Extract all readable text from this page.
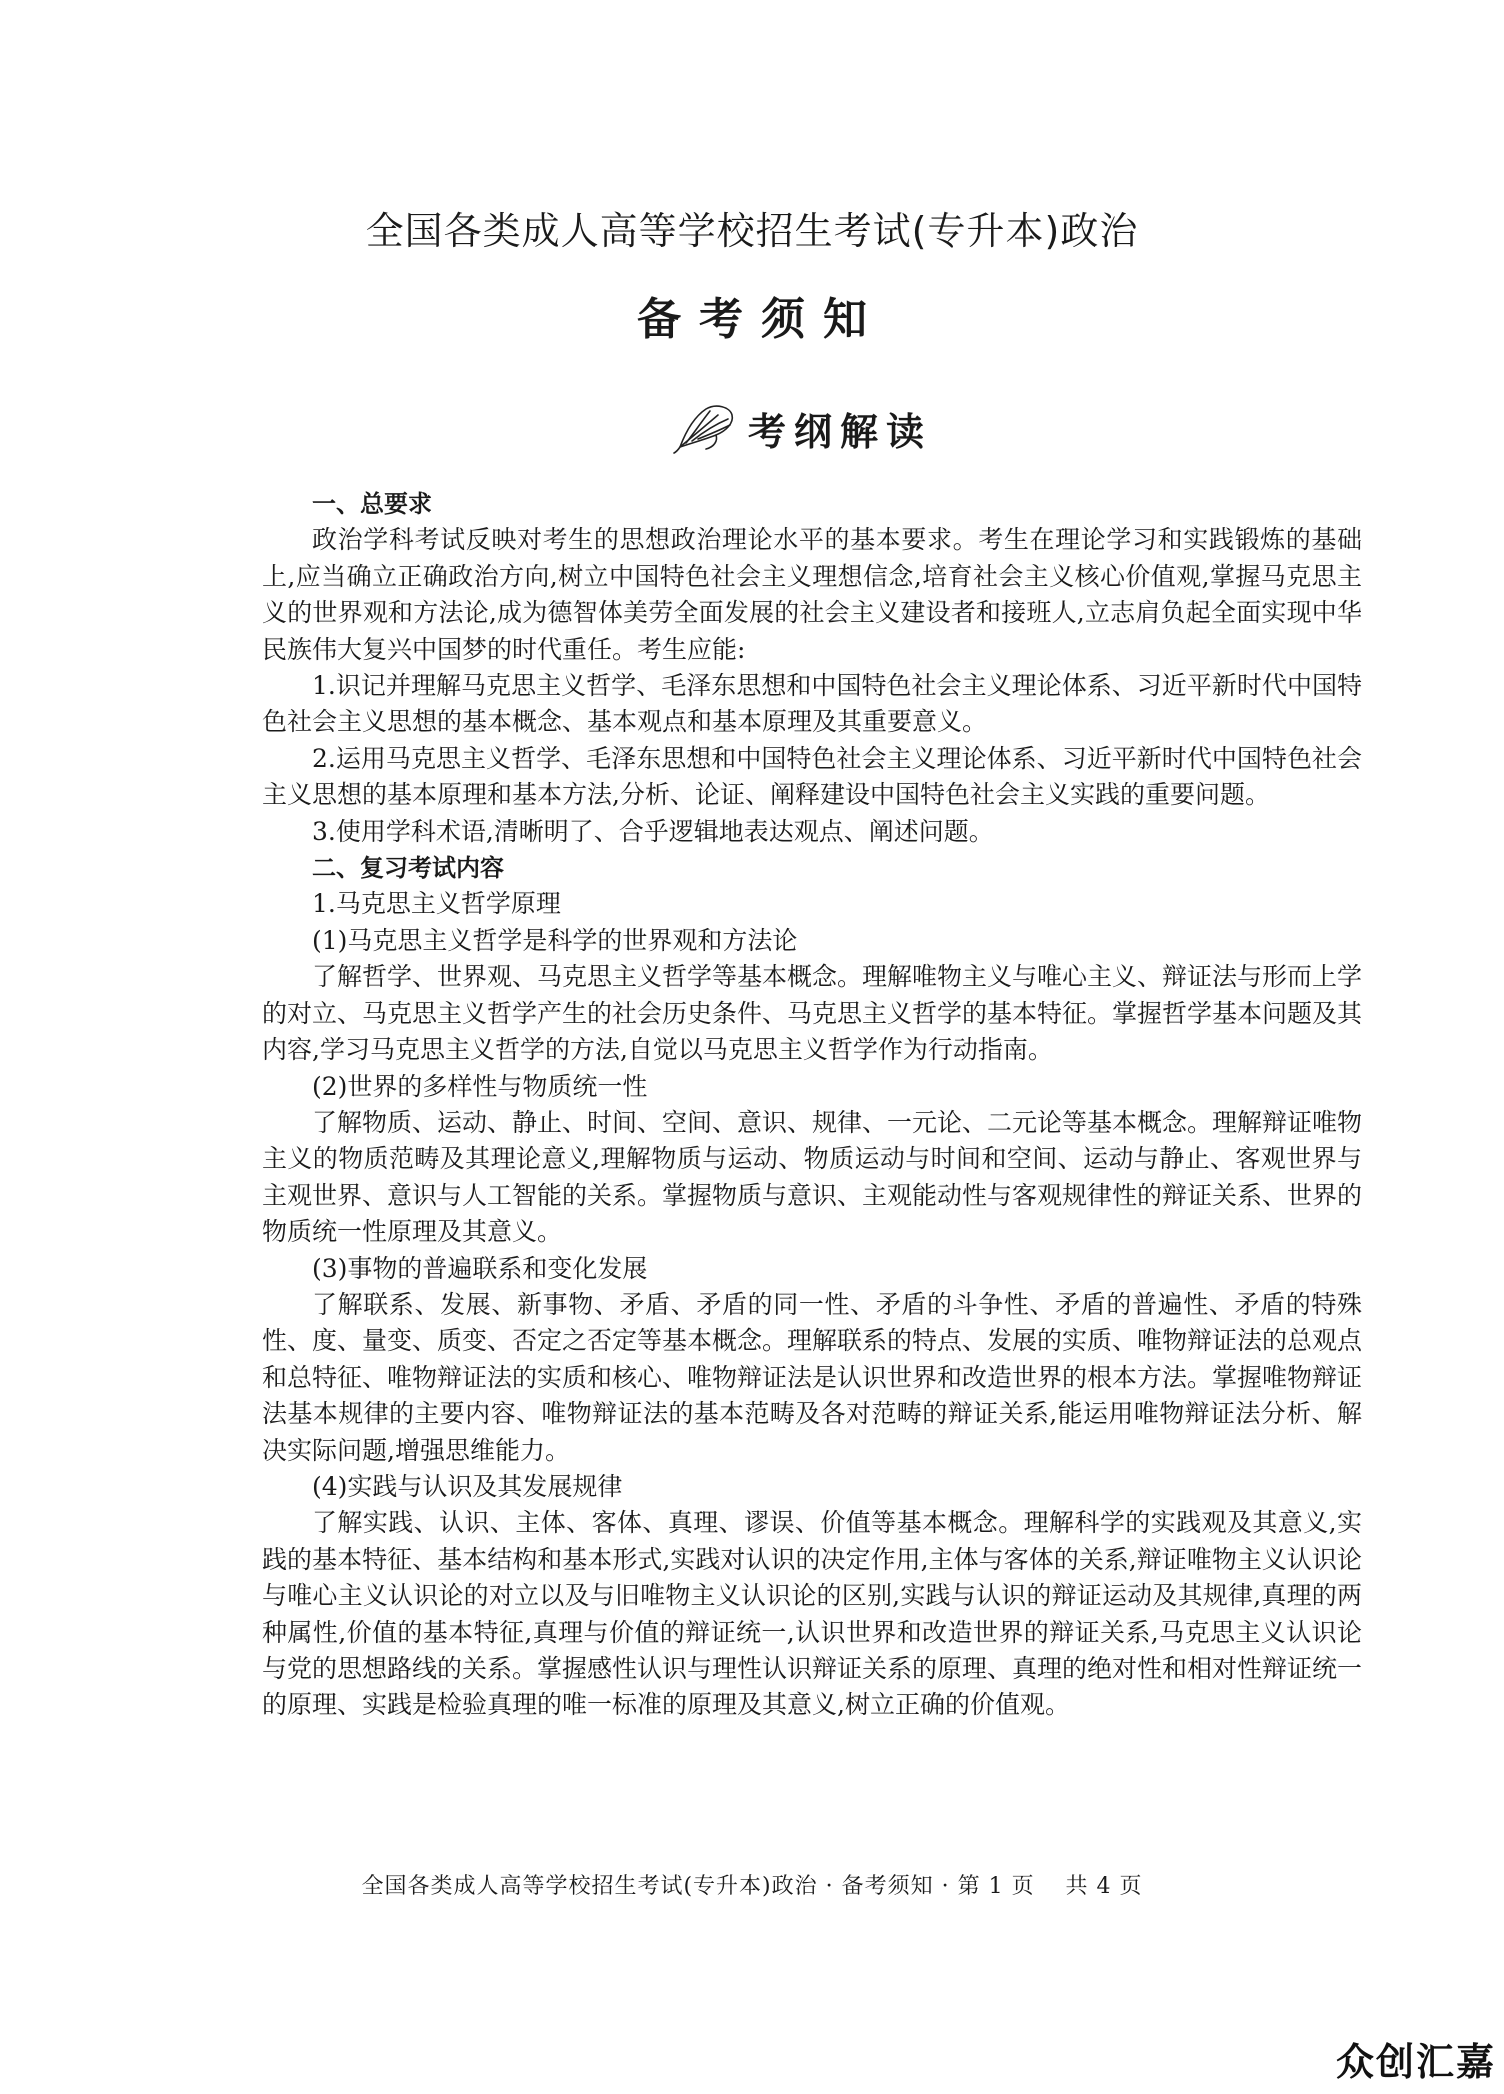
全国各类成人高等学校招生考试(专升本)政治
备考须知
考纲解读

一、总要求

政治学科考试反映对考生的思想政治理论水平的基本要求。考生在理论学习和实践锻炼的基础上,应当确立正确政治方向,树立中国特色社会主义理想信念,培育社会主义核心价值观,掌握马克思主义的世界观和方法论,成为德智体美劳全面发展的社会主义建设者和接班人,立志肩负起全面实现中华民族伟大复兴中国梦的时代重任。考生应能:

1.识记并理解马克思主义哲学、毛泽东思想和中国特色社会主义理论体系、习近平新时代中国特色社会主义思想的基本概念、基本观点和基本原理及其重要意义。

2.运用马克思主义哲学、毛泽东思想和中国特色社会主义理论体系、习近平新时代中国特色社会主义思想的基本原理和基本方法,分析、论证、阐释建设中国特色社会主义实践的重要问题。

3.使用学科术语,清晰明了、合乎逻辑地表达观点、阐述问题。

二、复习考试内容

1.马克思主义哲学原理

(1)马克思主义哲学是科学的世界观和方法论

了解哲学、世界观、马克思主义哲学等基本概念。理解唯物主义与唯心主义、辩证法与形而上学的对立、马克思主义哲学产生的社会历史条件、马克思主义哲学的基本特征。掌握哲学基本问题及其内容,学习马克思主义哲学的方法,自觉以马克思主义哲学作为行动指南。

(2)世界的多样性与物质统一性

了解物质、运动、静止、时间、空间、意识、规律、一元论、二元论等基本概念。理解辩证唯物主义的物质范畴及其理论意义,理解物质与运动、物质运动与时间和空间、运动与静止、客观世界与主观世界、意识与人工智能的关系。掌握物质与意识、主观能动性与客观规律性的辩证关系、世界的物质统一性原理及其意义。

(3)事物的普遍联系和变化发展

了解联系、发展、新事物、矛盾、矛盾的同一性、矛盾的斗争性、矛盾的普遍性、矛盾的特殊性、度、量变、质变、否定之否定等基本概念。理解联系的特点、发展的实质、唯物辩证法的总观点和总特征、唯物辩证法的实质和核心、唯物辩证法是认识世界和改造世界的根本方法。掌握唯物辩证法基本规律的主要内容、唯物辩证法的基本范畴及各对范畴的辩证关系,能运用唯物辩证法分析、解决实际问题,增强思维能力。

(4)实践与认识及其发展规律

了解实践、认识、主体、客体、真理、谬误、价值等基本概念。理解科学的实践观及其意义,实践的基本特征、基本结构和基本形式,实践对认识的决定作用,主体与客体的关系,辩证唯物主义认识论与唯心主义认识论的对立以及与旧唯物主义认识论的区别,实践与认识的辩证运动及其规律,真理的两种属性,价值的基本特征,真理与价值的辩证统一,认识世界和改造世界的辩证关系,马克思主义认识论与党的思想路线的关系。掌握感性认识与理性认识辩证关系的原理、真理的绝对性和相对性辩证统一的原理、实践是检验真理的唯一标准的原理及其意义,树立正确的价值观。

全国各类成人高等学校招生考试(专升本)政治 · 备考须知 · 第 1 页　 共 4 页
众创汇嘉
